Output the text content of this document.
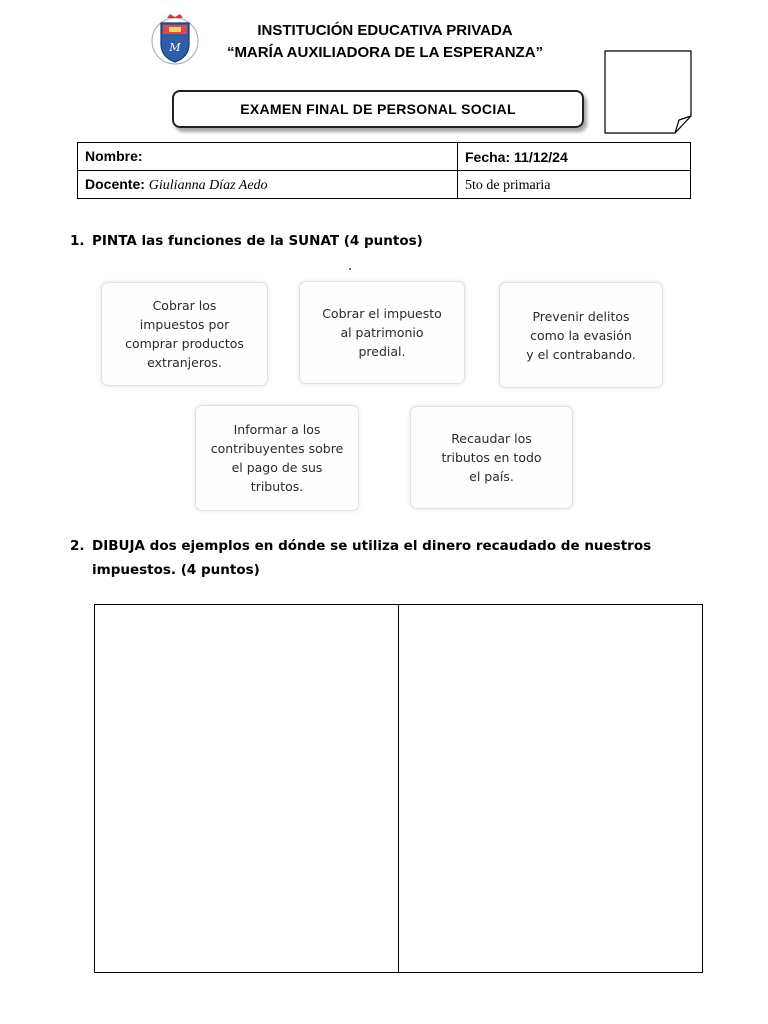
M
INSTITUCIÓN EDUCATIVA PRIVADA
“MARÍA AUXILIADORA DE LA ESPERANZA”
EXAMEN FINAL DE PERSONAL SOCIAL
Nombre:	Fecha: 11/12/24
Docente: Giulianna Díaz Aedo	5to de primaria
1. PINTA las funciones de la SUNAT (4 puntos)
Cobrar los
impuestos por
comprar productos
extranjeros.
Cobrar el impuesto
al patrimonio
predial.
Prevenir delitos
como la evasión
y el contrabando.
Informar a los
contribuyentes sobre
el pago de sus
tributos.
Recaudar los
tributos en todo
el país.
2. DIBUJA dos ejemplos en dónde se utiliza el dinero recaudado de nuestros
impuestos. (4 puntos)
